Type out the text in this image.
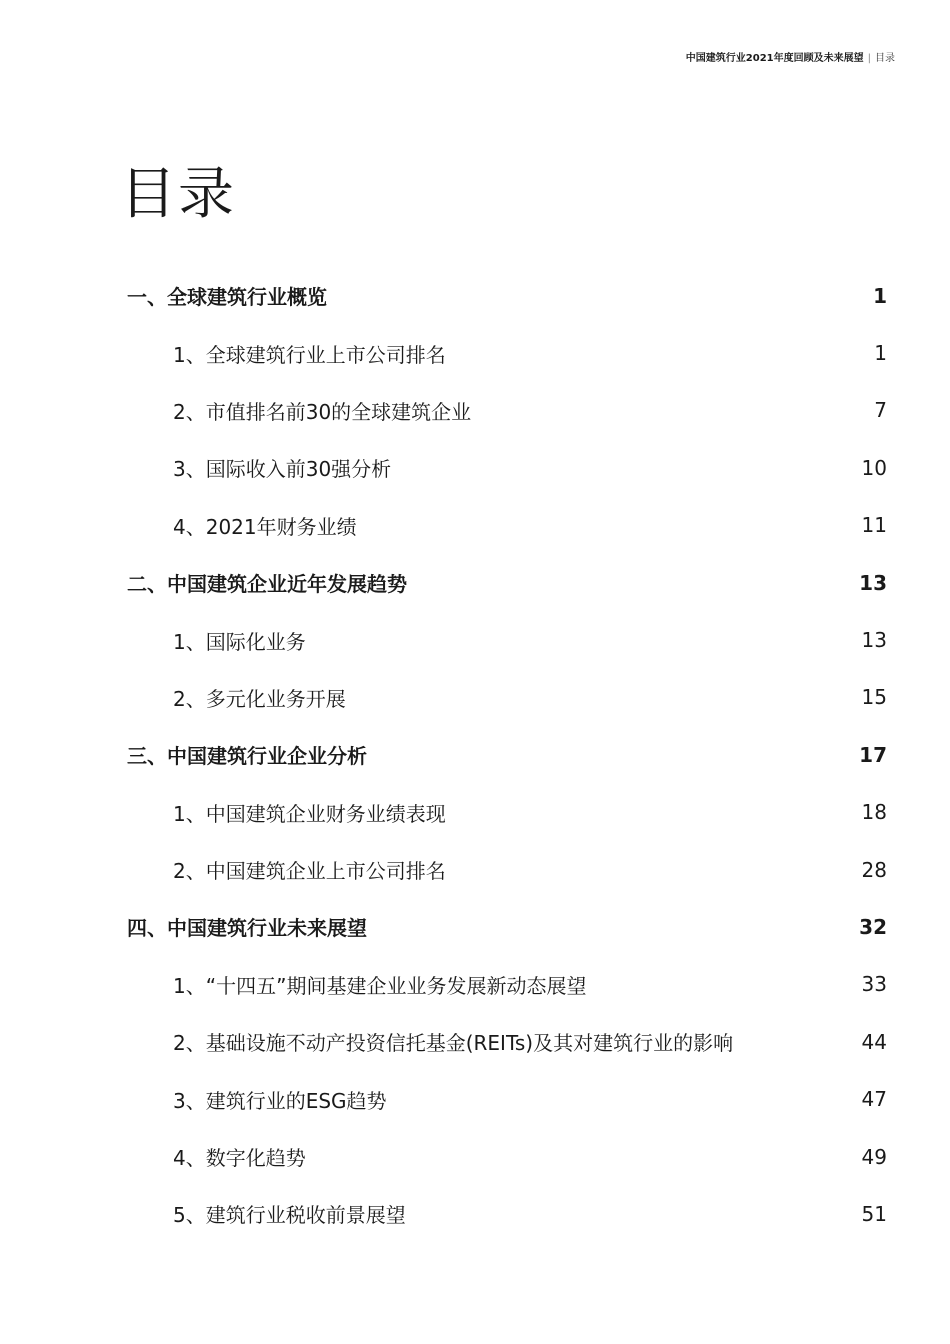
中国建筑行业2021年度回顾及未来展望 | 目录
目录
一、全球建筑行业概览	1
1、全球建筑行业上市公司排名	1
2、市值排名前30的全球建筑企业	7
3、国际收入前30强分析	10
4、2021年财务业绩	11
二、中国建筑企业近年发展趋势	13
1、国际化业务	13
2、多元化业务开展	15
三、中国建筑行业企业分析	17
1、中国建筑企业财务业绩表现	18
2、中国建筑企业上市公司排名	28
四、中国建筑行业未来展望	32
1、“十四五”期间基建企业业务发展新动态展望	33
2、基础设施不动产投资信托基金(REITs)及其对建筑行业的影响	44
3、建筑行业的ESG趋势	47
4、数字化趋势	49
5、建筑行业税收前景展望	51
